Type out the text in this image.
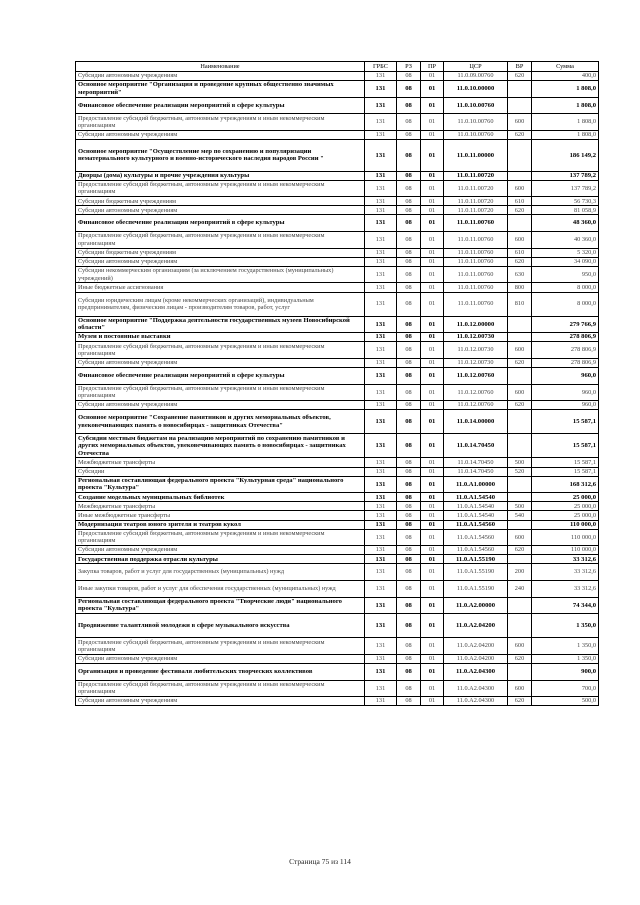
Наименование	ГРБС	РЗ	ПР	ЦСР	ВР	Сумма
Субсидии автономным учреждениям	131	08	01	11.0.09.00760	620	400,0
Основное мероприятие "Организация и проведение крупных общественно значимых мероприятий"	131	08	01	11.0.10.00000		1 808,0
Финансовое обеспечение реализации мероприятий в сфере культуры	131	08	01	11.0.10.00760		1 808,0
Предоставление субсидий бюджетным, автономным учреждениям и иным некоммерческим организациям	131	08	01	11.0.10.00760	600	1 808,0
Субсидии автономным учреждениям	131	08	01	11.0.10.00760	620	1 808,0
Основное мероприятие "Осуществление мер по сохранению и популяризации нематериального культурного и военно-исторического наследия народов России "	131	08	01	11.0.11.00000		186 149,2
Дворцы (дома) культуры и прочие учреждения культуры	131	08	01	11.0.11.00720		137 789,2
Предоставление субсидий бюджетным, автономным учреждениям и иным некоммерческим организациям	131	08	01	11.0.11.00720	600	137 789,2
Субсидии бюджетным учреждениям	131	08	01	11.0.11.00720	610	56 730,3
Субсидии автономным учреждениям	131	08	01	11.0.11.00720	620	81 058,9
Финансовое обеспечение реализации мероприятий в сфере культуры	131	08	01	11.0.11.00760		48 360,0
Предоставление субсидий бюджетным, автономным учреждениям и иным некоммерческим организациям	131	08	01	11.0.11.00760	600	40 360,0
Субсидии бюджетным учреждениям	131	08	01	11.0.11.00760	610	5 320,0
Субсидии автономным учреждениям	131	08	01	11.0.11.00760	620	34 090,0
Субсидии некоммерческим организациям (за исключением государственных (муниципальных) учреждений)	131	08	01	11.0.11.00760	630	950,0
Иные бюджетные ассигнования	131	08	01	11.0.11.00760	800	8 000,0
Субсидии юридическим лицам (кроме некоммерческих организаций), индивидуальным предпринимателям, физическим лицам - производителям товаров, работ, услуг	131	08	01	11.0.11.00760	810	8 000,0
Основное мероприятие "Поддержка деятельности государственных музеев Новосибирской области"	131	08	01	11.0.12.00000		279 766,9
Музеи и постоянные выставки	131	08	01	11.0.12.00730		278 806,9
Предоставление субсидий бюджетным, автономным учреждениям и иным некоммерческим организациям	131	08	01	11.0.12.00730	600	278 806,9
Субсидии автономным учреждениям	131	08	01	11.0.12.00730	620	278 806,9
Финансовое обеспечение реализации мероприятий в сфере культуры	131	08	01	11.0.12.00760		960,0
Предоставление субсидий бюджетным, автономным учреждениям и иным некоммерческим организациям	131	08	01	11.0.12.00760	600	960,0
Субсидии автономным учреждениям	131	08	01	11.0.12.00760	620	960,0
Основное мероприятие "Сохранение памятников и других мемориальных объектов, увековечивающих память о новосибирцах - защитниках Отечества"	131	08	01	11.0.14.00000		15 587,1
Субсидии местным бюджетам на реализацию мероприятий по сохранению памятников и других мемориальных объектов, увековечивающих память о новосибирцах - защитниках Отечества	131	08	01	11.0.14.70450		15 587,1
Межбюджетные трансферты	131	08	01	11.0.14.70450	500	15 587,1
Субсидии	131	08	01	11.0.14.70450	520	15 587,1
Региональная составляющая федерального проекта "Культурная среда" национального проекта "Культура"	131	08	01	11.0.A1.00000		168 312,6
Создание модельных муниципальных библиотек	131	08	01	11.0.A1.54540		25 000,0
Межбюджетные трансферты	131	08	01	11.0.A1.54540	500	25 000,0
Иные межбюджетные трансферты	131	08	01	11.0.A1.54540	540	25 000,0
Модернизация театров юного зрителя и театров кукол	131	08	01	11.0.A1.54560		110 000,0
Предоставление субсидий бюджетным, автономным учреждениям и иным некоммерческим организациям	131	08	01	11.0.A1.54560	600	110 000,0
Субсидии автономным учреждениям	131	08	01	11.0.A1.54560	620	110 000,0
Государственная поддержка отрасли культуры	131	08	01	11.0.A1.55190		33 312,6
Закупка товаров, работ и услуг для государственных (муниципальных) нужд	131	08	01	11.0.A1.55190	200	33 312,6
Иные закупки товаров, работ и услуг для обеспечения государственных (муниципальных) нужд	131	08	01	11.0.A1.55190	240	33 312,6
Региональная составляющая федерального проекта "Творческие люди" национального проекта "Культура"	131	08	01	11.0.A2.00000		74 344,0
Продвижение талантливой молодежи в сфере музыкального искусства	131	08	01	11.0.A2.04200		1 350,0
Предоставление субсидий бюджетным, автономным учреждениям и иным некоммерческим организациям	131	08	01	11.0.A2.04200	600	1 350,0
Субсидии автономным учреждениям	131	08	01	11.0.A2.04200	620	1 350,0
Организация и проведение фестиваля любительских творческих коллективов	131	08	01	11.0.A2.04300		900,0
Предоставление субсидий бюджетным, автономным учреждениям и иным некоммерческим организациям	131	08	01	11.0.A2.04300	600	700,0
Субсидии автономным учреждениям	131	08	01	11.0.A2.04300	620	500,0
Страница 75 из 114
